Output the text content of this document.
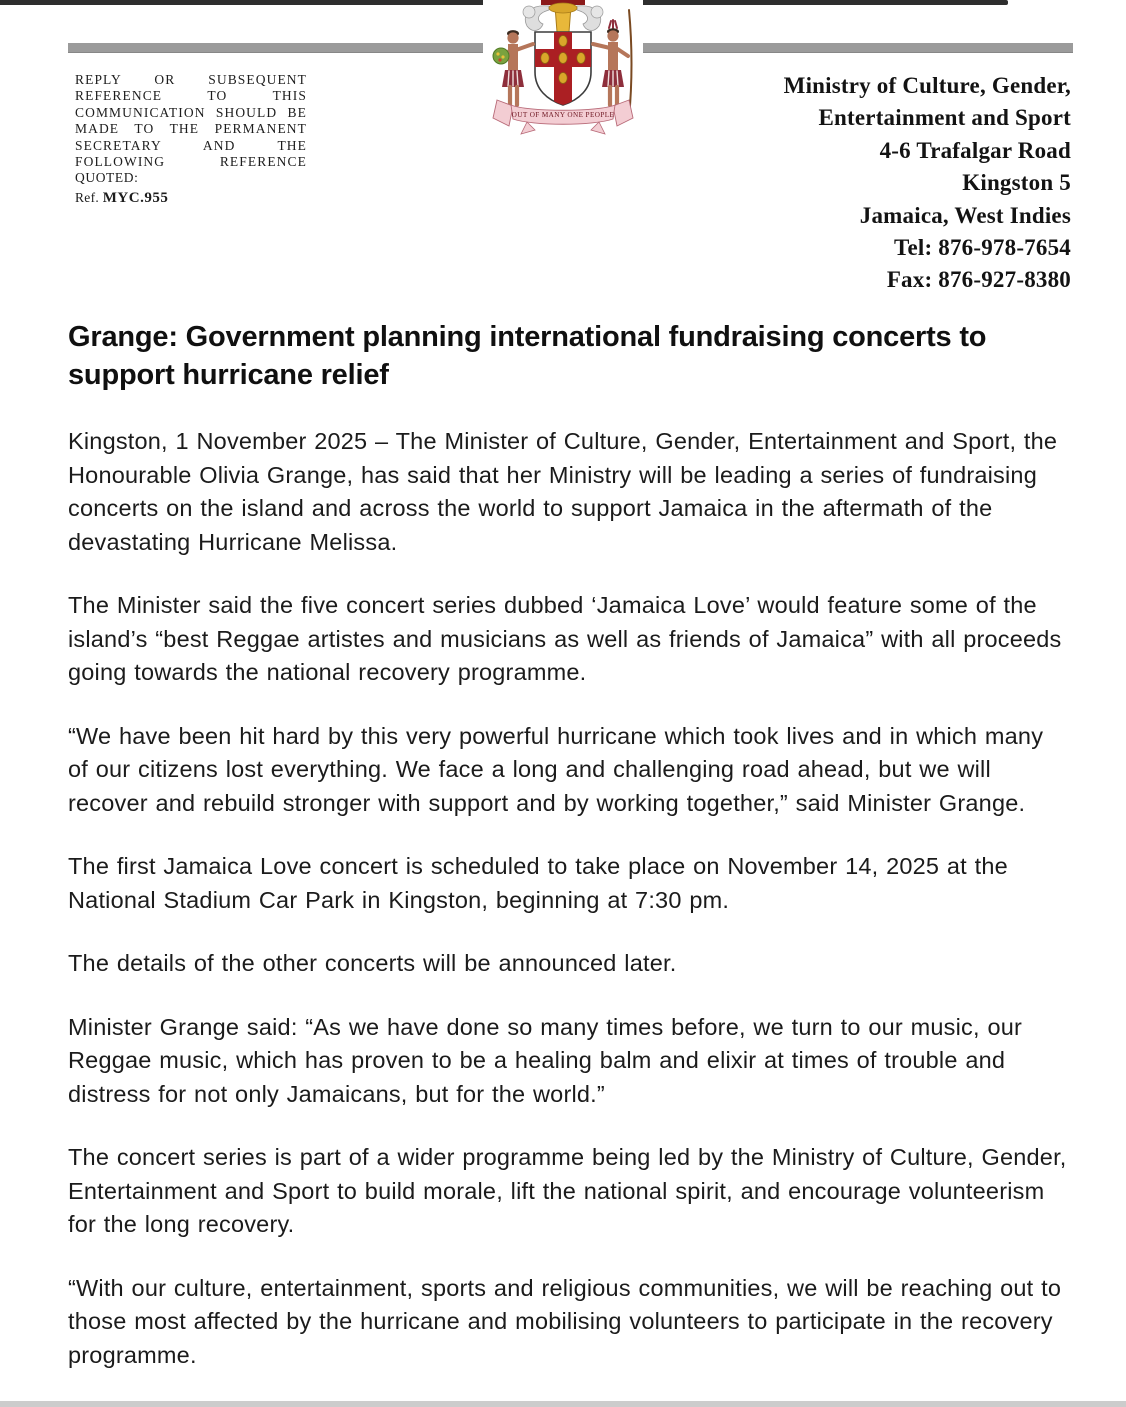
OUT OF MANY ONE PEOPLE
REPLY OR SUBSEQUENT
REFERENCE TO THIS
COMMUNICATION SHOULD BE
MADE TO THE PERMANENT
SECRETARY AND THE
FOLLOWING REFERENCE
QUOTED:
Ref. MYC.955
Ministry of Culture, Gender,
Entertainment and Sport
4-6 Trafalgar Road
Kingston 5
Jamaica, West Indies
Tel: 876-978-7654
Fax: 876-927-8380
Grange: Government planning international fundraising concerts to support hurricane relief

Kingston, 1 November 2025 – The Minister of Culture, Gender, Entertainment and Sport, the Honourable Olivia Grange, has said that her Ministry will be leading a series of fundraising concerts on the island and across the world to support Jamaica in the aftermath of the devastating Hurricane Melissa.

The Minister said the five concert series dubbed ‘Jamaica Love’ would feature some of the island’s “best Reggae artistes and musicians as well as friends of Jamaica” with all proceeds going towards the national recovery programme.

“We have been hit hard by this very powerful hurricane which took lives and in which many of our citizens lost everything. We face a long and challenging road ahead, but we will recover and rebuild stronger with support and by working together,” said Minister Grange.

The first Jamaica Love concert is scheduled to take place on November 14, 2025 at the National Stadium Car Park in Kingston, beginning at 7:30 pm.

The details of the other concerts will be announced later.

Minister Grange said: “As we have done so many times before, we turn to our music, our Reggae music, which has proven to be a healing balm and elixir at times of trouble and distress for not only Jamaicans, but for the world.”

The concert series is part of a wider programme being led by the Ministry of Culture, Gender, Entertainment and Sport to build morale, lift the national spirit, and encourage volunteerism for the long recovery.

“With our culture, entertainment, sports and religious communities, we will be reaching out to those most affected by the hurricane and mobilising volunteers to participate in the recovery programme.
